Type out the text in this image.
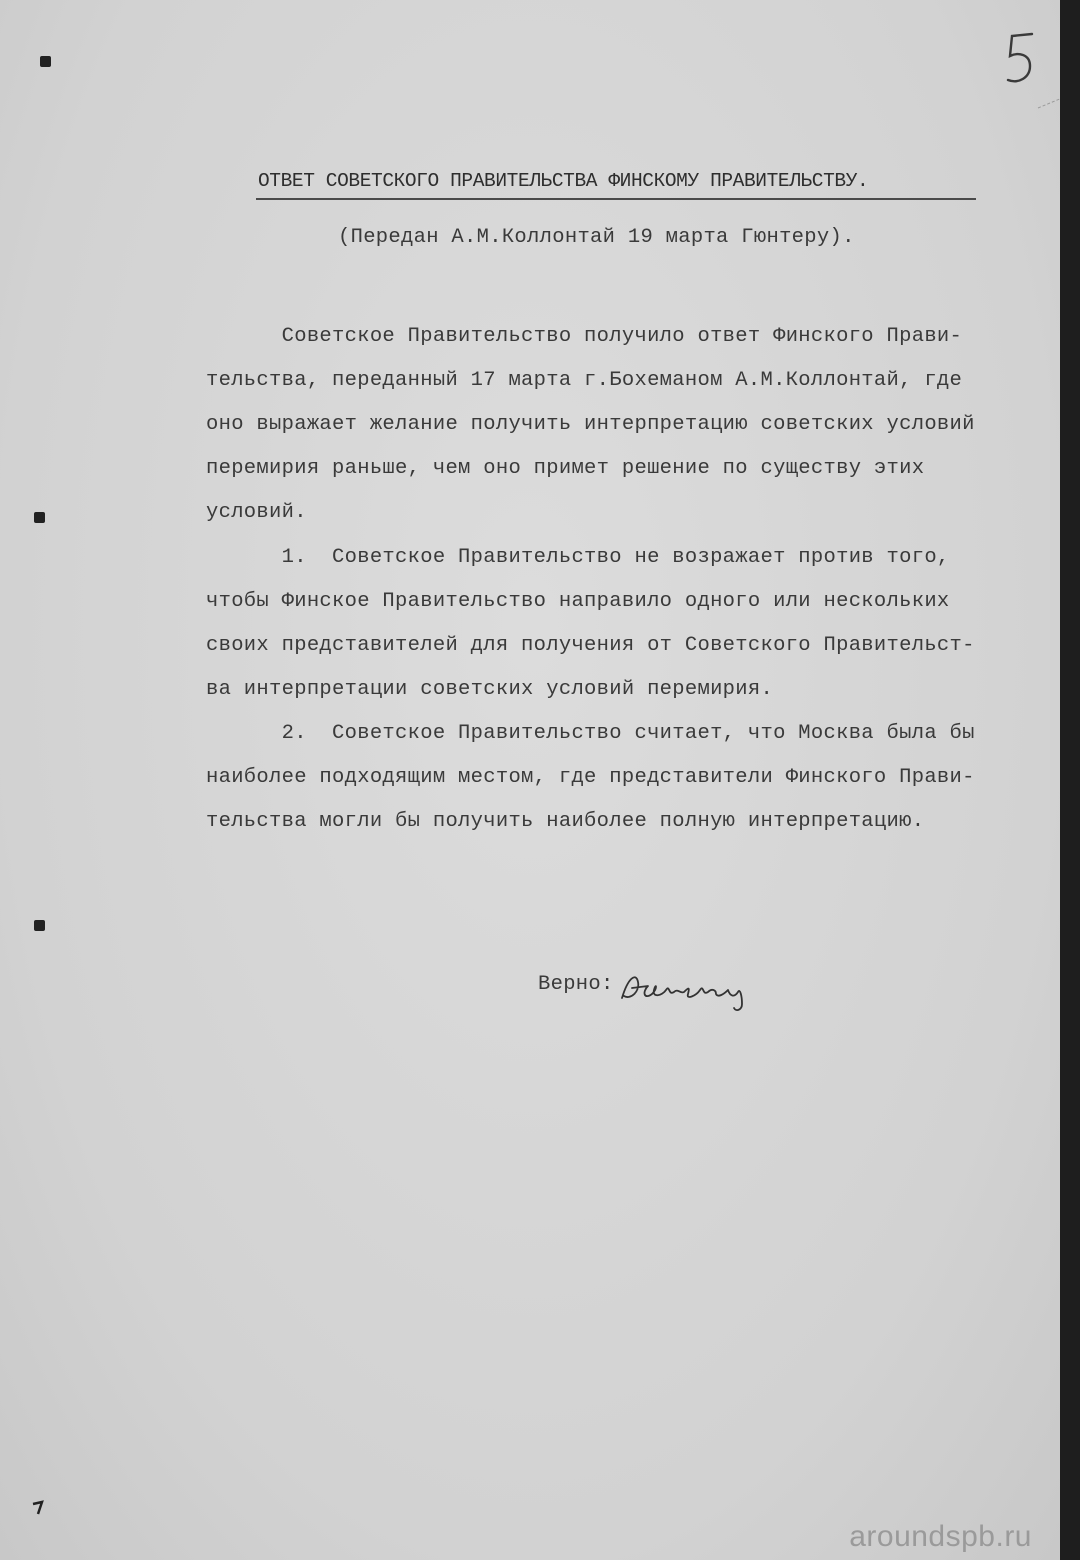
ОТВЕТ СОВЕТСКОГО ПРАВИТЕЛЬСТВА ФИНСКОМУ ПРАВИТЕЛЬСТВУ.
(Передан А.М.Коллонтай 19 марта Гюнтеру).
Советское Правительство получило ответ Финского Прави-
тельства, переданный 17 марта г.Бохеманом А.М.Коллонтай, где
оно выражает желание получить интерпретацию советских условий
перемирия раньше, чем оно примет решение по существу этих
условий.
1.  Советское Правительство не возражает против того,
чтобы Финское Правительство направило одного или нескольких
своих представителей для получения от Советского Правительст-
ва интерпретации советских условий перемирия.
2.  Советское Правительство считает, что Москва была бы
наиболее подходящим местом, где представители Финского Прави-
тельства могли бы получить наиболее полную интерпретацию.
Верно:
aroundspb.ru
